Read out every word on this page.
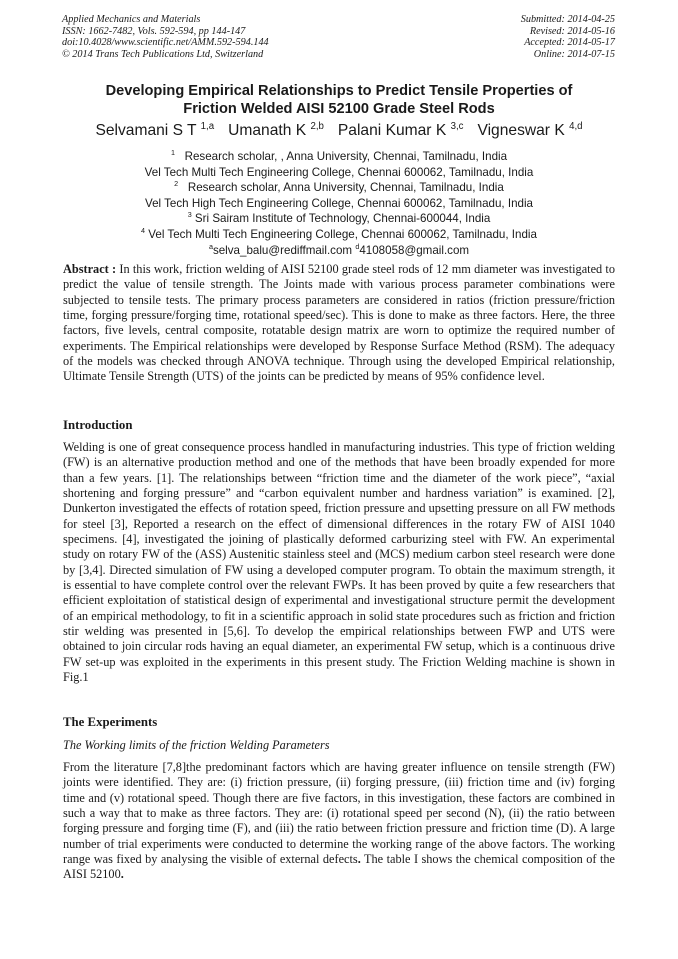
Applied Mechanics and Materials
ISSN: 1662-7482, Vols. 592-594, pp 144-147
doi:10.4028/www.scientific.net/AMM.592-594.144
© 2014 Trans Tech Publications Ltd, Switzerland
Submitted: 2014-04-25
Revised: 2014-05-16
Accepted: 2014-05-17
Online: 2014-07-15
Developing Empirical Relationships to Predict Tensile Properties of
Friction Welded AISI 52100 Grade Steel Rods
Selvamani S T $^{1,a}$ Umanath K $^{2,b}$ Palani Kumar K $^{3,c}$ Vigneswar K $^{4,d}$
$^1$ Research scholar, , Anna University, Chennai, Tamilnadu, India
Vel Tech Multi Tech Engineering College, Chennai 600062, Tamilnadu, India
$^2$ Research scholar, Anna University, Chennai, Tamilnadu, India
Vel Tech High Tech Engineering College, Chennai 600062, Tamilnadu, India
$^3$ Sri Sairam Institute of Technology, Chennai-600044, India
$^4$ Vel Tech Multi Tech Engineering College, Chennai 600062, Tamilnadu, India
$^a$selva_balu@rediffmail.com $^d$4108058@gmail.com
Abstract : In this work, friction welding of AISI 52100 grade steel rods of 12 mm diameter was investigated to predict the value of tensile strength. The Joints made with various process parameter combinations were subjected to tensile tests. The primary process parameters are considered in ratios (friction pressure/friction time, forging pressure/forging time, rotational speed/sec). This is done to make as three factors. Here, the three factors, five levels, central composite, rotatable design matrix are worn to optimize the required number of experiments. The Empirical relationships were developed by Response Surface Method (RSM). The adequacy of the models was checked through ANOVA technique. Through using the developed Empirical relationship, Ultimate Tensile Strength (UTS) of the joints can be predicted by means of 95% confidence level.
Introduction
Welding is one of great consequence process handled in manufacturing industries. This type of friction welding (FW) is an alternative production method and one of the methods that have been broadly expended for more than a few years. [1]. The relationships between “friction time and the diameter of the work piece”, “axial shortening and forging pressure” and “carbon equivalent number and hardness variation” is examined. [2], Dunkerton investigated the effects of rotation speed, friction pressure and upsetting pressure on all FW methods for steel [3], Reported a research on the effect of dimensional differences in the rotary FW of AISI 1040 specimens. [4], investigated the joining of plastically deformed carburizing steel with FW. An experimental study on rotary FW of the (ASS) Austenitic stainless steel and (MCS) medium carbon steel research were done by [3,4]. Directed simulation of FW using a developed computer program. To obtain the maximum strength, it is essential to have complete control over the relevant FWPs. It has been proved by quite a few researchers that efficient exploitation of statistical design of experimental and investigational structure permit the development of an empirical methodology, to fit in a scientific approach in solid state procedures such as friction and friction stir welding was presented in [5,6]. To develop the empirical relationships between FWP and UTS were obtained to join circular rods having an equal diameter, an experimental FW setup, which is a continuous drive FW set-up was exploited in the experiments in this present study. The Friction Welding machine is shown in Fig.1
The Experiments
The Working limits of the friction Welding Parameters
From the literature [7,8]the predominant factors which are having greater influence on tensile strength (FW) joints were identified. They are: (i) friction pressure, (ii) forging pressure, (iii) friction time and (iv) forging time and (v) rotational speed. Though there are five factors, in this investigation, these factors are combined in such a way that to make as three factors. They are: (i) rotational speed per second (N), (ii) the ratio between forging pressure and forging time (F), and (iii) the ratio between friction pressure and friction time (D). A large number of trial experiments were conducted to determine the working range of the above factors. The working range was fixed by analysing the visible of external defects. The table I shows the chemical composition of the AISI 52100.
